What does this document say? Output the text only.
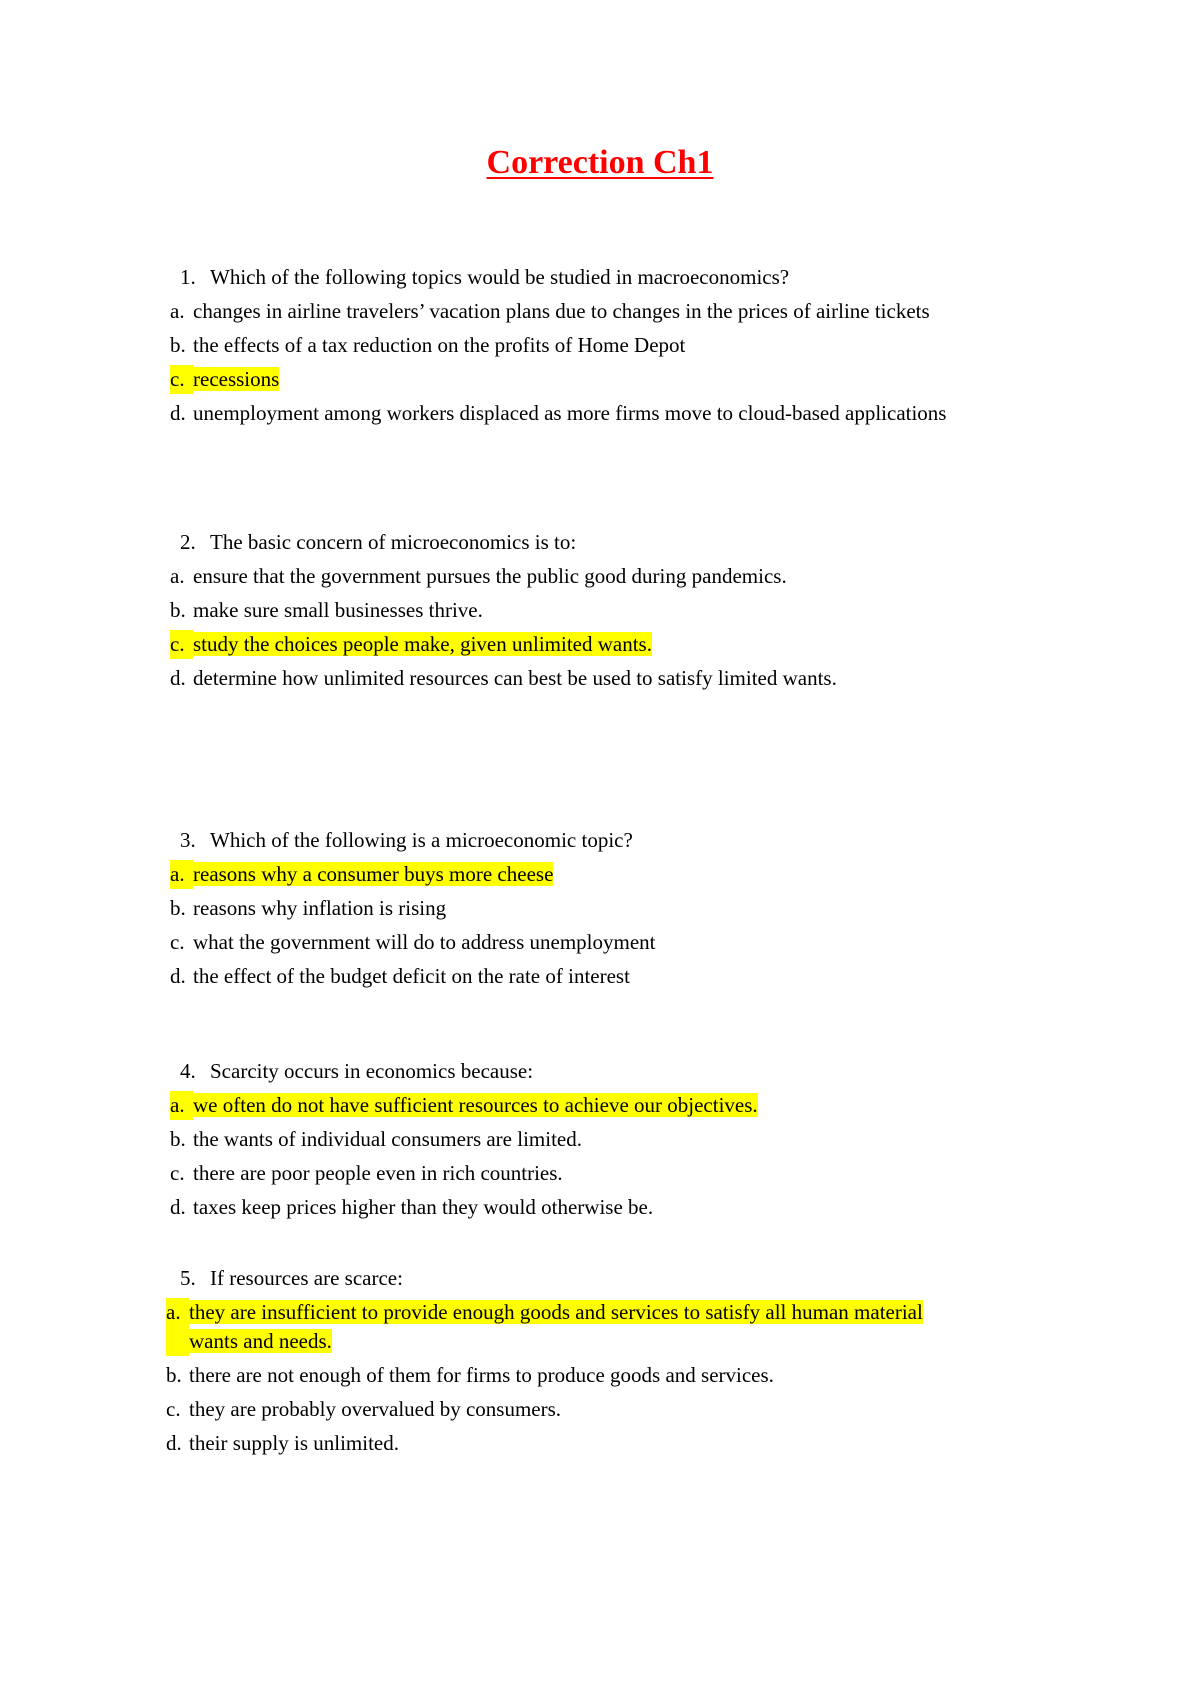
Correction Ch1
1. Which of the following topics would be studied in macroeconomics?
a. changes in airline travelers’ vacation plans due to changes in the prices of airline tickets
b. the effects of a tax reduction on the profits of Home Depot
c. recessions
d. unemployment among workers displaced as more firms move to cloud-based applications
2. The basic concern of microeconomics is to:
a. ensure that the government pursues the public good during pandemics.
b. make sure small businesses thrive.
c. study the choices people make, given unlimited wants.
d. determine how unlimited resources can best be used to satisfy limited wants.
3. Which of the following is a microeconomic topic?
a. reasons why a consumer buys more cheese
b. reasons why inflation is rising
c. what the government will do to address unemployment
d. the effect of the budget deficit on the rate of interest
4. Scarcity occurs in economics because:
a. we often do not have sufficient resources to achieve our objectives.
b. the wants of individual consumers are limited.
c. there are poor people even in rich countries.
d. taxes keep prices higher than they would otherwise be.
5. If resources are scarce:
a. they are insufficient to provide enough goods and services to satisfy all human material wants and needs.
b. there are not enough of them for firms to produce goods and services.
c. they are probably overvalued by consumers.
d. their supply is unlimited.
